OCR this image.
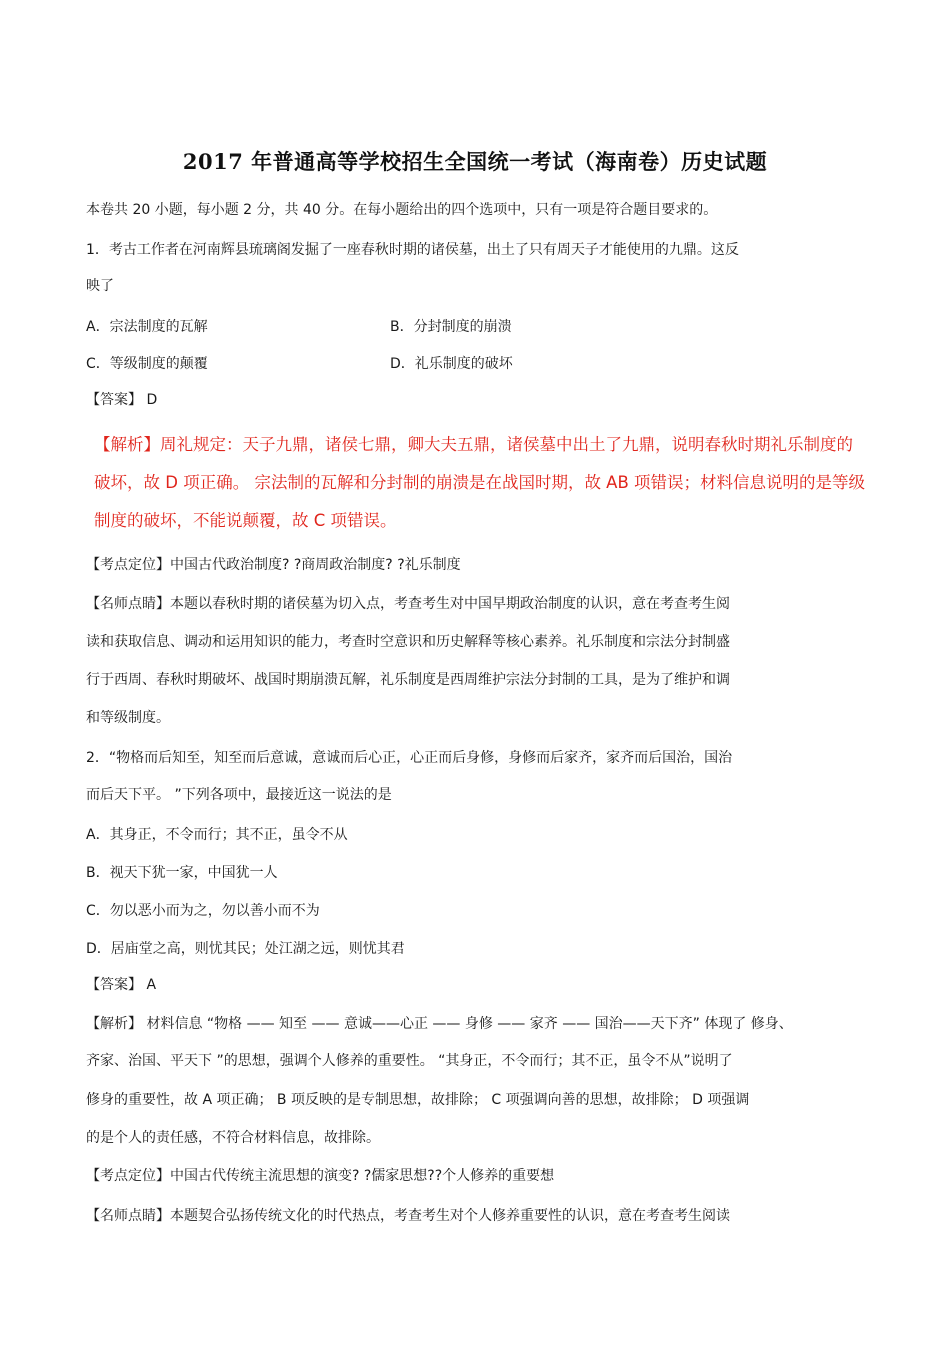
2017 年普通高等学校招生全国统一考试（海南卷）历史试题
本卷共 20 小题，每小题 2 分，共 40 分。在每小题给出的四个选项中，只有一项是符合题目要求的。
1．考古工作者在河南辉县琉璃阁发掘了一座春秋时期的诸侯墓，出土了只有周天子才能使用的九鼎。这反
映了
A．宗法制度的瓦解	B．分封制度的崩溃
C．等级制度的颠覆	D．礼乐制度的破坏
【答案】 D
【解析】周礼规定：天子九鼎，诸侯七鼎，卿大夫五鼎，诸侯墓中出土了九鼎，说明春秋时期礼乐制度的
破坏，故 D 项正确。 宗法制的瓦解和分封制的崩溃是在战国时期，故 AB 项错误；材料信息说明的是等级
制度的破坏，不能说颠覆，故 C 项错误。
【考点定位】中国古代政治制度? ?商周政治制度? ?礼乐制度
【名师点睛】本题以春秋时期的诸侯墓为切入点，考查考生对中国早期政治制度的认识，意在考查考生阅
读和获取信息、调动和运用知识的能力，考查时空意识和历史解释等核心素养。礼乐制度和宗法分封制盛
行于西周、春秋时期破坏、战国时期崩溃瓦解，礼乐制度是西周维护宗法分封制的工具，是为了维护和调
和等级制度。
2．“物格而后知至，知至而后意诚，意诚而后心正，心正而后身修，身修而后家齐，家齐而后国治，国治
而后天下平。 ”下列各项中，最接近这一说法的是
A．其身正，不令而行；其不正，虽令不从
B．视天下犹一家，中国犹一人
C．勿以恶小而为之，勿以善小而不为
D．居庙堂之高，则忧其民；处江湖之远，则忧其君
【答案】 A
【解析】 材料信息 “物格 —— 知至 —— 意诚——心正 —— 身修 —— 家齐 —— 国治——天下齐” 体现了 修身、
齐家、治国、平天下 ”的思想，强调个人修养的重要性。 “其身正，不令而行；其不正，虽令不从”说明了
修身的重要性，故 A 项正确； B 项反映的是专制思想，故排除； C 项强调向善的思想，故排除； D 项强调
的是个人的责任感，不符合材料信息，故排除。
【考点定位】中国古代传统主流思想的演变? ?儒家思想??个人修养的重要想
【名师点睛】本题契合弘扬传统文化的时代热点，考查考生对个人修养重要性的认识，意在考查考生阅读
